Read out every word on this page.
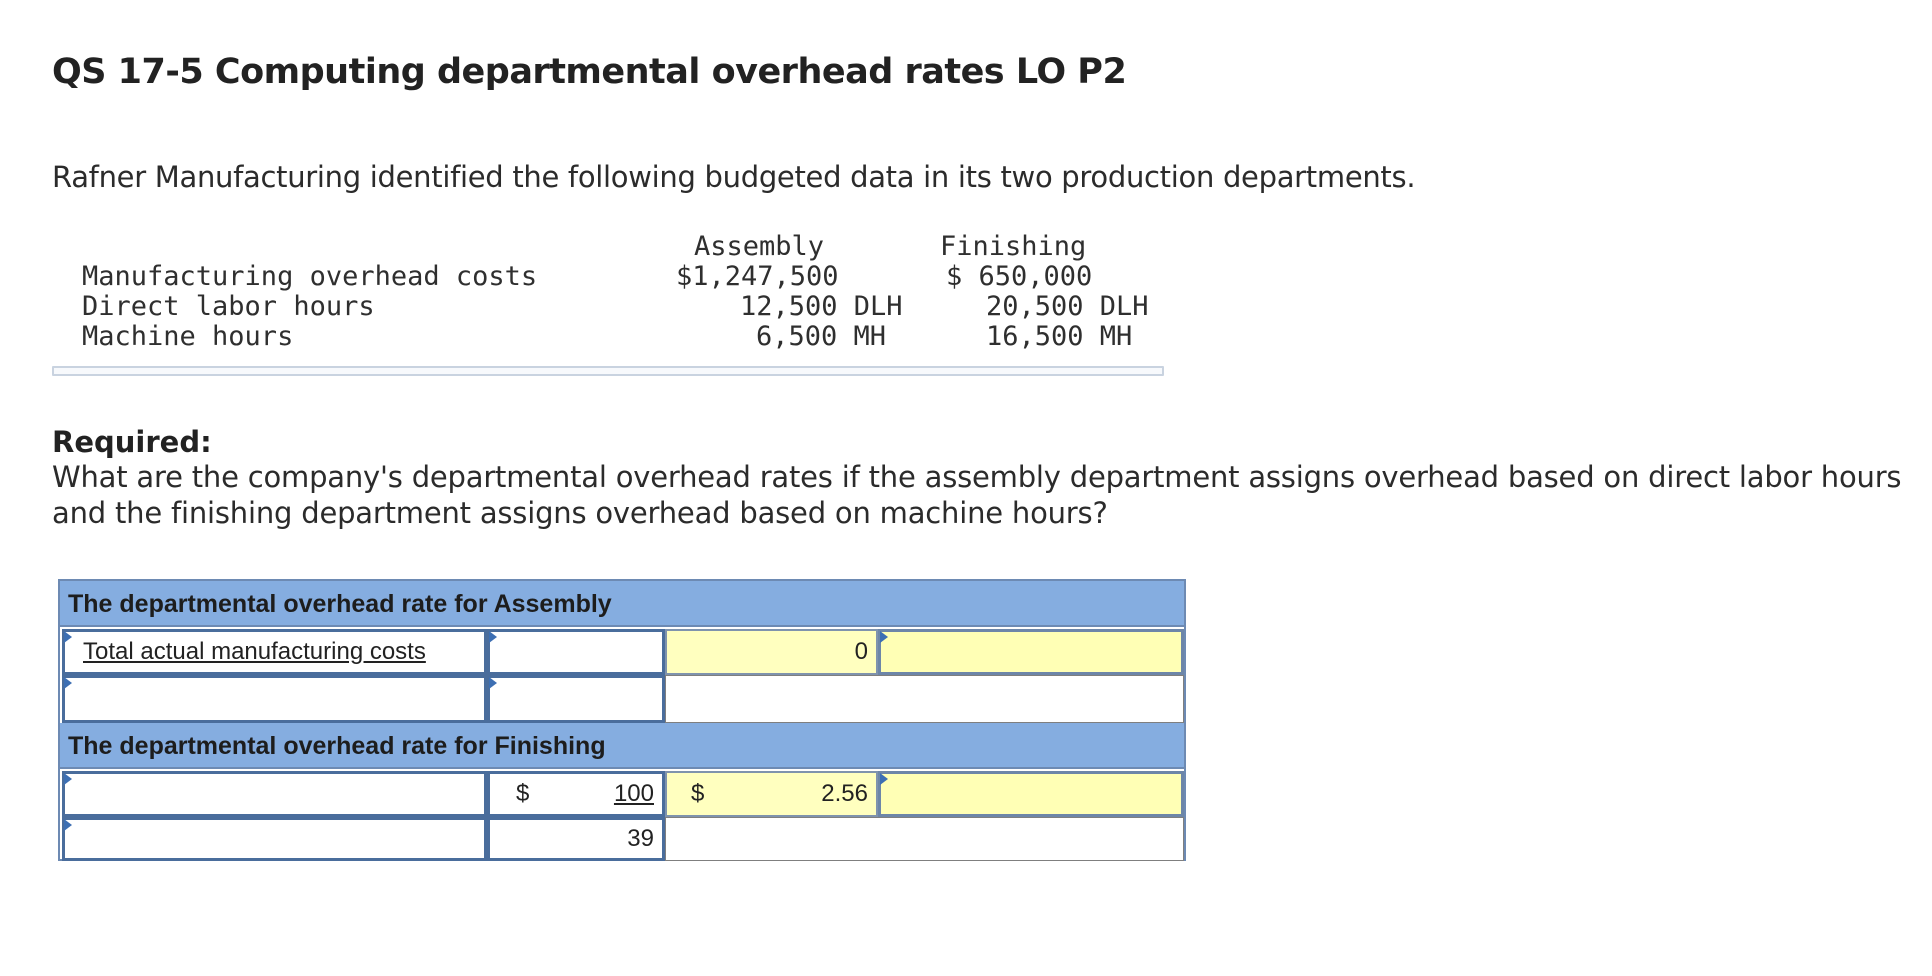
QS 17-5 Computing departmental overhead rates LO P2
Rafner Manufacturing identified the following budgeted data in its two production departments.
Assembly	Finishing
Manufacturing overhead costs	$1,247,500	$ 650,000
Direct labor hours	12,500 DLH	20,500 DLH
Machine hours	6,500 MH	16,500 MH
Required:
What are the company's departmental overhead rates if the assembly department assigns overhead based on direct labor hours and the finishing department assigns overhead based on machine hours?
The departmental overhead rate for Assembly
Total actual manufacturing costs	0
The departmental overhead rate for Finishing
$	100 $	2.56
39
